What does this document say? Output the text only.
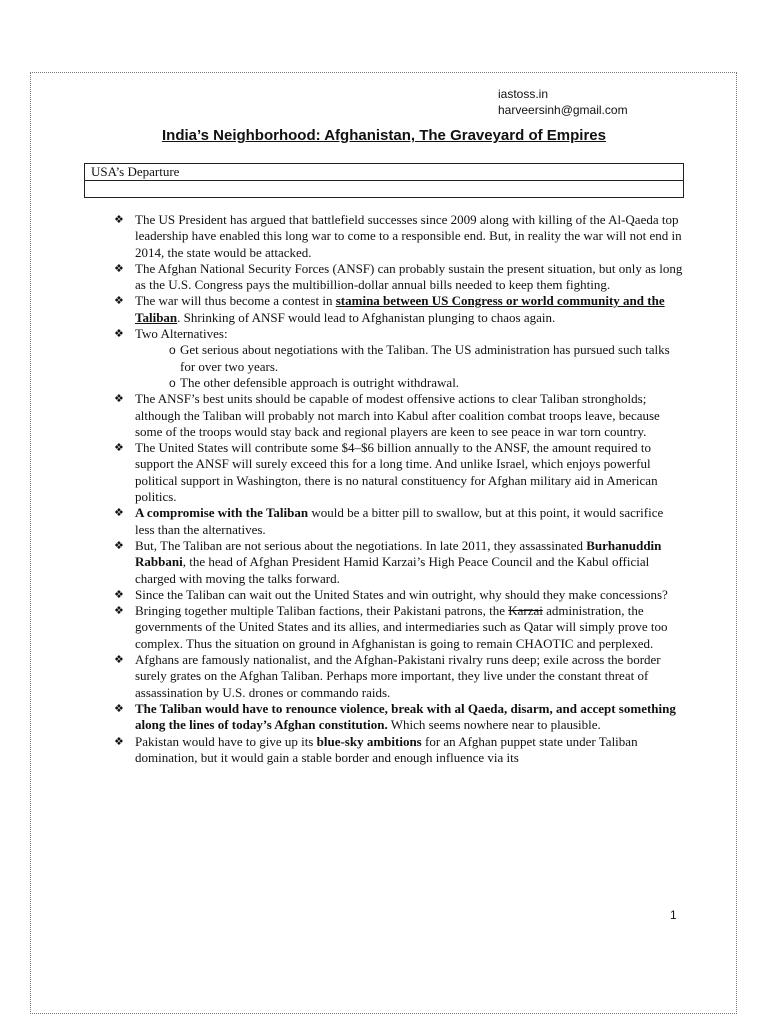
iastoss.in
harveersinh@gmail.com
India’s Neighborhood: Afghanistan, The Graveyard of Empires
USA’s Departure

❖ The US President has argued that battlefield successes since 2009 along with killing of the Al-Qaeda top leadership have enabled this long war to come to a responsible end. But, in reality the war will not end in 2014, the state would be attacked.
❖ The Afghan National Security Forces (ANSF) can probably sustain the present situation, but only as long as the U.S. Congress pays the multibillion-dollar annual bills needed to keep them fighting.
❖ The war will thus become a contest in stamina between US Congress or world community and the Taliban. Shrinking of ANSF would lead to Afghanistan plunging to chaos again.
❖ Two Alternatives:
o Get serious about negotiations with the Taliban. The US administration has pursued such talks for over two years.
o The other defensible approach is outright withdrawal.
❖ The ANSF’s best units should be capable of modest offensive actions to clear Taliban strongholds; although the Taliban will probably not march into Kabul after coalition combat troops leave, because some of the troops would stay back and regional players are keen to see peace in war torn country.
❖ The United States will contribute some $4–$6 billion annually to the ANSF, the amount required to support the ANSF will surely exceed this for a long time. And unlike Israel, which enjoys powerful political support in Washington, there is no natural constituency for Afghan military aid in American politics.
❖ A compromise with the Taliban would be a bitter pill to swallow, but at this point, it would sacrifice less than the alternatives.
❖ But, The Taliban are not serious about the negotiations. In late 2011, they assassinated Burhanuddin Rabbani, the head of Afghan President Hamid Karzai’s High Peace Council and the Kabul official charged with moving the talks forward.
❖ Since the Taliban can wait out the United States and win outright, why should they make concessions?
❖ Bringing together multiple Taliban factions, their Pakistani patrons, the Karzai administration, the governments of the United States and its allies, and intermediaries such as Qatar will simply prove too complex. Thus the situation on ground in Afghanistan is going to remain CHAOTIC and perplexed.
❖ Afghans are famously nationalist, and the Afghan-Pakistani rivalry runs deep; exile across the border surely grates on the Afghan Taliban. Perhaps more important, they live under the constant threat of assassination by U.S. drones or commando raids.
❖ The Taliban would have to renounce violence, break with al Qaeda, disarm, and accept something along the lines of today’s Afghan constitution. Which seems nowhere near to plausible.
❖ Pakistan would have to give up its blue-sky ambitions for an Afghan puppet state under Taliban domination, but it would gain a stable border and enough influence via its
1
